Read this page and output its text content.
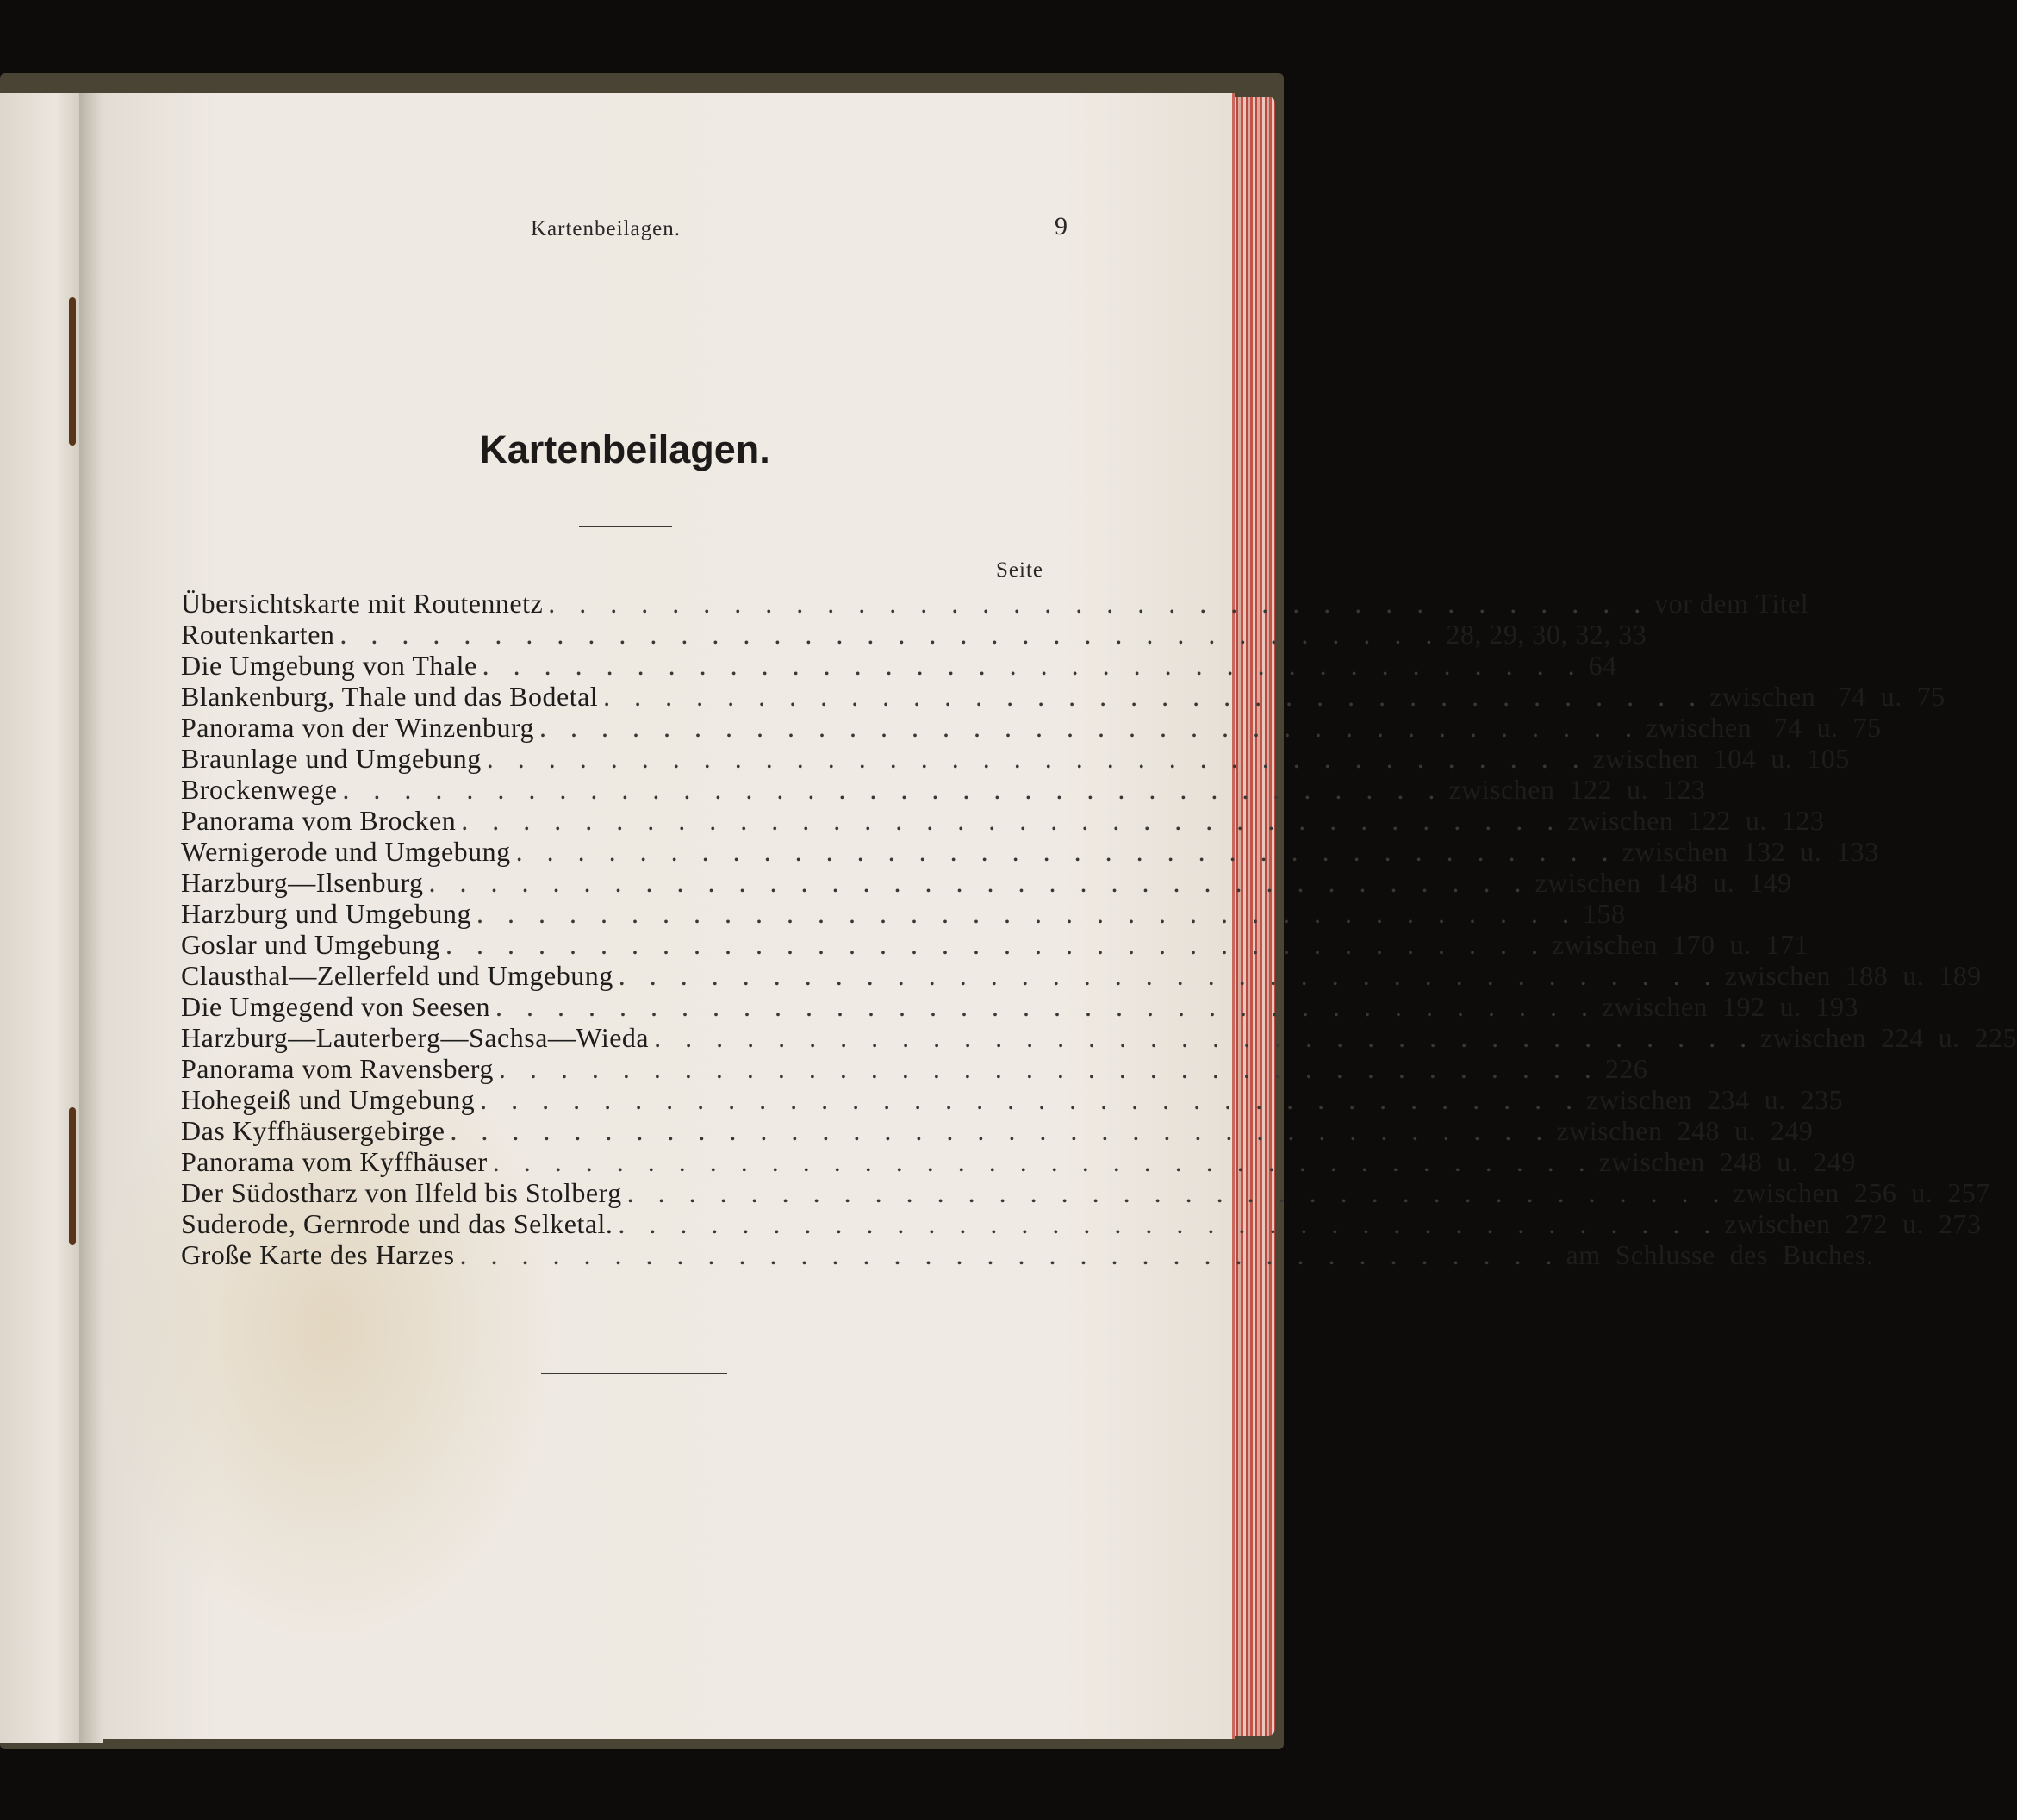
Kartenbeilagen.	9
Kartenbeilagen.
Seite
Übersichtskarte mit Routennetz . . . . . . . . . . . . . . . . . . . . . . . . . . . . . . . . . . . . vor dem Titel
Routenkarten . . . . . . . . . . . . . . . . . . . . . . . . . . . . . . . . . . . . 28, 29, 30, 32, 33
Die Umgebung von Thale . . . . . . . . . . . . . . . . . . . . . . . . . . . . . . . . . . . . 64
Blankenburg, Thale und das Bodetal . . . . . . . . . . . . . . . . . . . . . . . . . . . . . . . . . . . . zwischen   74  u.  75
Panorama von der Winzenburg . . . . . . . . . . . . . . . . . . . . . . . . . . . . . . . . . . . . zwischen   74  u.  75
Braunlage und Umgebung . . . . . . . . . . . . . . . . . . . . . . . . . . . . . . . . . . . . zwischen  104  u.  105
Brockenwege . . . . . . . . . . . . . . . . . . . . . . . . . . . . . . . . . . . . zwischen  122  u.  123
Panorama vom Brocken . . . . . . . . . . . . . . . . . . . . . . . . . . . . . . . . . . . . zwischen  122  u.  123
Wernigerode und Umgebung . . . . . . . . . . . . . . . . . . . . . . . . . . . . . . . . . . . . zwischen  132  u.  133
Harzburg—Ilsenburg . . . . . . . . . . . . . . . . . . . . . . . . . . . . . . . . . . . . zwischen  148  u.  149
Harzburg und Umgebung . . . . . . . . . . . . . . . . . . . . . . . . . . . . . . . . . . . . 158
Goslar und Umgebung . . . . . . . . . . . . . . . . . . . . . . . . . . . . . . . . . . . . zwischen  170  u.  171
Clausthal—Zellerfeld und Umgebung . . . . . . . . . . . . . . . . . . . . . . . . . . . . . . . . . . . . zwischen  188  u.  189
Die Umgegend von Seesen . . . . . . . . . . . . . . . . . . . . . . . . . . . . . . . . . . . . zwischen  192  u.  193
Harzburg—Lauterberg—Sachsa—Wieda . . . . . . . . . . . . . . . . . . . . . . . . . . . . . . . . . . . . zwischen  224  u.  225
Panorama vom Ravensberg . . . . . . . . . . . . . . . . . . . . . . . . . . . . . . . . . . . . 226
Hohegeiß und Umgebung . . . . . . . . . . . . . . . . . . . . . . . . . . . . . . . . . . . . zwischen  234  u.  235
Das Kyffhäusergebirge . . . . . . . . . . . . . . . . . . . . . . . . . . . . . . . . . . . . zwischen  248  u.  249
Panorama vom Kyffhäuser . . . . . . . . . . . . . . . . . . . . . . . . . . . . . . . . . . . . zwischen  248  u.  249
Der Südostharz von Ilfeld bis Stolberg . . . . . . . . . . . . . . . . . . . . . . . . . . . . . . . . . . . . zwischen  256  u.  257
Suderode, Gernrode und das Selketal. . . . . . . . . . . . . . . . . . . . . . . . . . . . . . . . . . . . . zwischen  272  u.  273
Große Karte des Harzes . . . . . . . . . . . . . . . . . . . . . . . . . . . . . . . . . . . . am  Schlusse  des  Buches.
